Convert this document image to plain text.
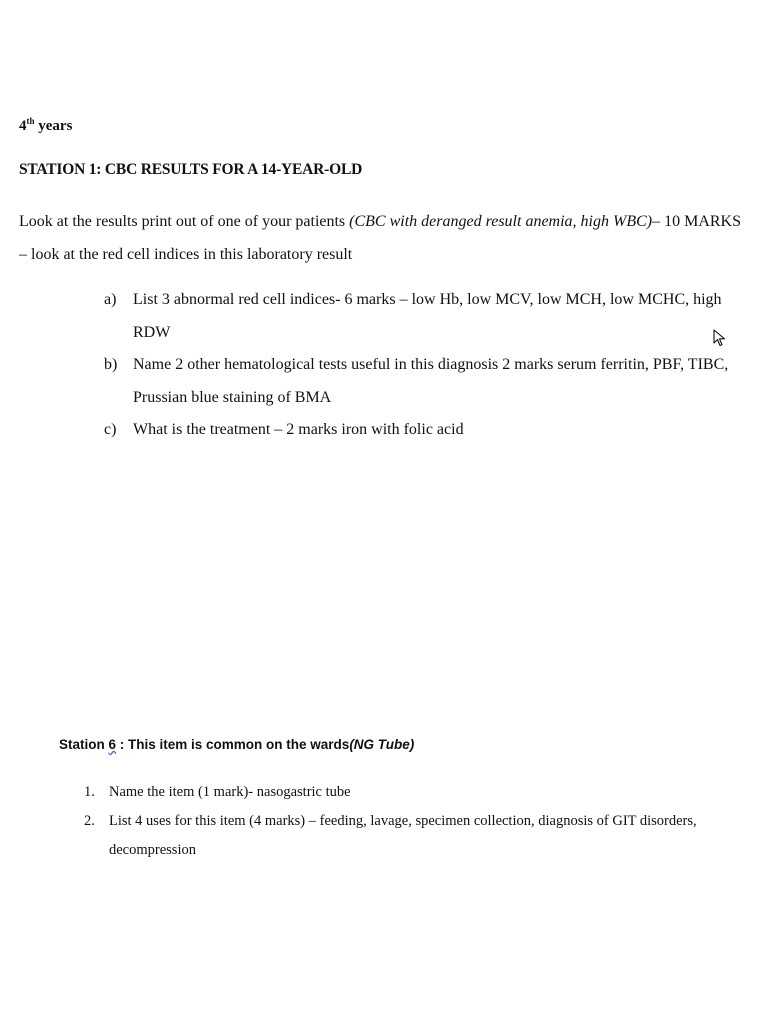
4th years
STATION 1: CBC RESULTS FOR A 14-YEAR-OLD
Look at the results print out of one of your patients (CBC with deranged result anemia, high WBC)– 10 MARKS – look at the red cell indices in this laboratory result
a) List 3 abnormal red cell indices- 6 marks – low Hb, low MCV, low MCH, low MCHC, high RDW
b) Name 2 other hematological tests useful in this diagnosis 2 marks serum ferritin, PBF, TIBC, Prussian blue staining of BMA
c) What is the treatment – 2 marks iron with folic acid
Station 6 : This item is common on the wards(NG Tube)
1. Name the item (1 mark)- nasogastric tube
2. List 4 uses for this item (4 marks) – feeding, lavage, specimen collection, diagnosis of GIT disorders, decompression
